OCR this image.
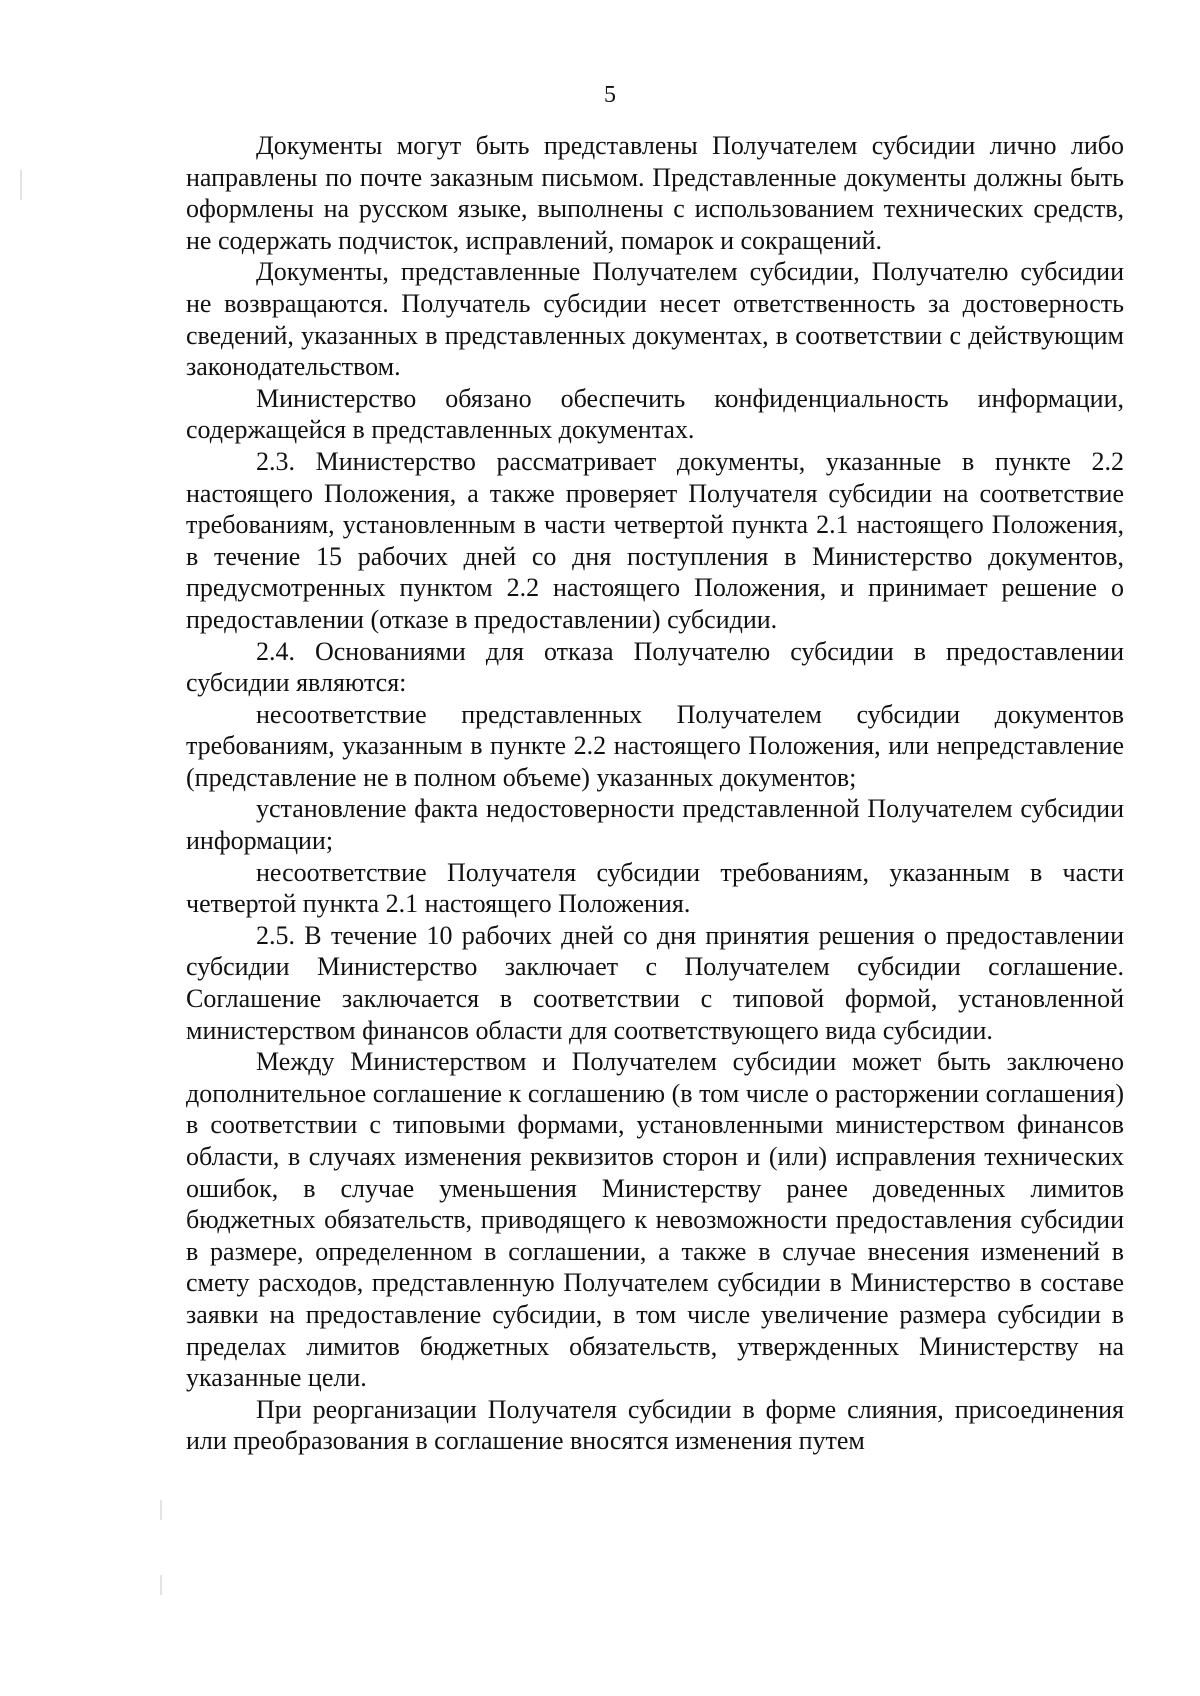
5

Документы могут быть представлены Получателем субсидии лично либо направлены по почте заказным письмом. Представленные документы должны быть оформлены на русском языке, выполнены с использованием технических средств, не содержать подчисток, исправлений, помарок и сокращений.

Документы, представленные Получателем субсидии, Получателю субсидии не возвращаются. Получатель субсидии несет ответственность за достоверность сведений, указанных в представленных документах, в соответствии с действующим законодательством.

Министерство обязано обеспечить конфиденциальность информации, содержащейся в представленных документах.

2.3. Министерство рассматривает документы, указанные в пункте 2.2 настоящего Положения, а также проверяет Получателя субсидии на соответствие требованиям, установленным в части четвертой пункта 2.1 настоящего Положения, в течение 15 рабочих дней со дня поступления в Министерство документов, предусмотренных пунктом 2.2 настоящего Положения, и принимает решение о предоставлении (отказе в предоставлении) субсидии.

2.4. Основаниями для отказа Получателю субсидии в предоставлении субсидии являются:

несоответствие представленных Получателем субсидии документов требованиям, указанным в пункте 2.2 настоящего Положения, или непредставление (представление не в полном объеме) указанных документов;

установление факта недостоверности представленной Получателем субсидии информации;

несоответствие Получателя субсидии требованиям, указанным в части четвертой пункта 2.1 настоящего Положения.

2.5. В течение 10 рабочих дней со дня принятия решения о предоставлении субсидии Министерство заключает с Получателем субсидии соглашение. Соглашение заключается в соответствии с типовой формой, установленной министерством финансов области для соответствующего вида субсидии.

Между Министерством и Получателем субсидии может быть заключено дополнительное соглашение к соглашению (в том числе о расторжении соглашения) в соответствии с типовыми формами, установленными министерством финансов области, в случаях изменения реквизитов сторон и (или) исправления технических ошибок, в случае уменьшения Министерству ранее доведенных лимитов бюджетных обязательств, приводящего к невозможности предоставления субсидии в размере, определенном в соглашении, а также в случае внесения изменений в смету расходов, представленную Получателем субсидии в Министерство в составе заявки на предоставление субсидии, в том числе увеличение размера субсидии в пределах лимитов бюджетных обязательств, утвержденных Министерству на указанные цели.

При реорганизации Получателя субсидии в форме слияния, присоединения или преобразования в соглашение вносятся изменения путем
